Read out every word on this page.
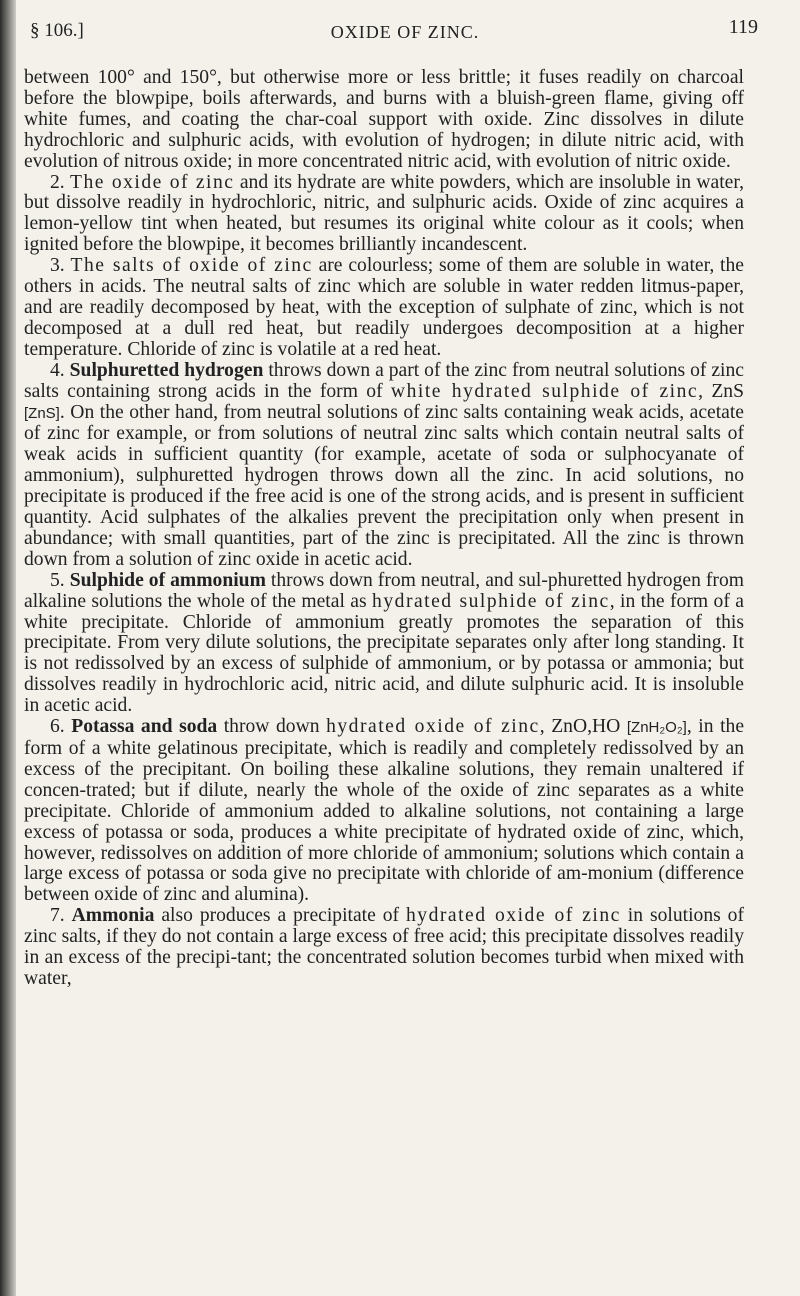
§ 106.]	OXIDE OF ZINC.	119

between 100° and 150°, but otherwise more or less brittle; it fuses readily on charcoal before the blowpipe, boils afterwards, and burns with a bluish-green flame, giving off white fumes, and coating the char-coal support with oxide. Zinc dissolves in dilute hydrochloric and sulphuric acids, with evolution of hydrogen; in dilute nitric acid, with evolution of nitrous oxide; in more concentrated nitric acid, with evolution of nitric oxide.

2. The oxide of zinc and its hydrate are white powders, which are insoluble in water, but dissolve readily in hydrochloric, nitric, and sulphuric acids. Oxide of zinc acquires a lemon-yellow tint when heated, but resumes its original white colour as it cools; when ignited before the blowpipe, it becomes brilliantly incandescent.

3. The salts of oxide of zinc are colourless; some of them are soluble in water, the others in acids. The neutral salts of zinc which are soluble in water redden litmus-paper, and are readily decomposed by heat, with the exception of sulphate of zinc, which is not decomposed at a dull red heat, but readily undergoes decomposition at a higher temperature. Chloride of zinc is volatile at a red heat.

4. Sulphuretted hydrogen throws down a part of the zinc from neutral solutions of zinc salts containing strong acids in the form of white hydrated sulphide of zinc, ZnS [ZnS]. On the other hand, from neutral solutions of zinc salts containing weak acids, acetate of zinc for example, or from solutions of neutral zinc salts which contain neutral salts of weak acids in sufficient quantity (for example, acetate of soda or sulphocyanate of ammonium), sulphuretted hydrogen throws down all the zinc. In acid solutions, no precipitate is produced if the free acid is one of the strong acids, and is present in sufficient quantity. Acid sulphates of the alkalies prevent the precipitation only when present in abundance; with small quantities, part of the zinc is precipitated. All the zinc is thrown down from a solution of zinc oxide in acetic acid.

5. Sulphide of ammonium throws down from neutral, and sul-phuretted hydrogen from alkaline solutions the whole of the metal as hydrated sulphide of zinc, in the form of a white precipitate. Chloride of ammonium greatly promotes the separation of this precipitate. From very dilute solutions, the precipitate separates only after long standing. It is not redissolved by an excess of sulphide of ammonium, or by potassa or ammonia; but dissolves readily in hydrochloric acid, nitric acid, and dilute sulphuric acid. It is insoluble in acetic acid.

6. Potassa and soda throw down hydrated oxide of zinc, ZnO,HO [ZnH₂O₂], in the form of a white gelatinous precipitate, which is readily and completely redissolved by an excess of the precipitant. On boiling these alkaline solutions, they remain unaltered if concen-trated; but if dilute, nearly the whole of the oxide of zinc separates as a white precipitate. Chloride of ammonium added to alkaline solutions, not containing a large excess of potassa or soda, produces a white precipitate of hydrated oxide of zinc, which, however, redissolves on addition of more chloride of ammonium; solutions which contain a large excess of potassa or soda give no precipitate with chloride of am-monium (difference between oxide of zinc and alumina).

7. Ammonia also produces a precipitate of hydrated oxide of zinc in solutions of zinc salts, if they do not contain a large excess of free acid; this precipitate dissolves readily in an excess of the precipi-tant; the concentrated solution becomes turbid when mixed with water,
